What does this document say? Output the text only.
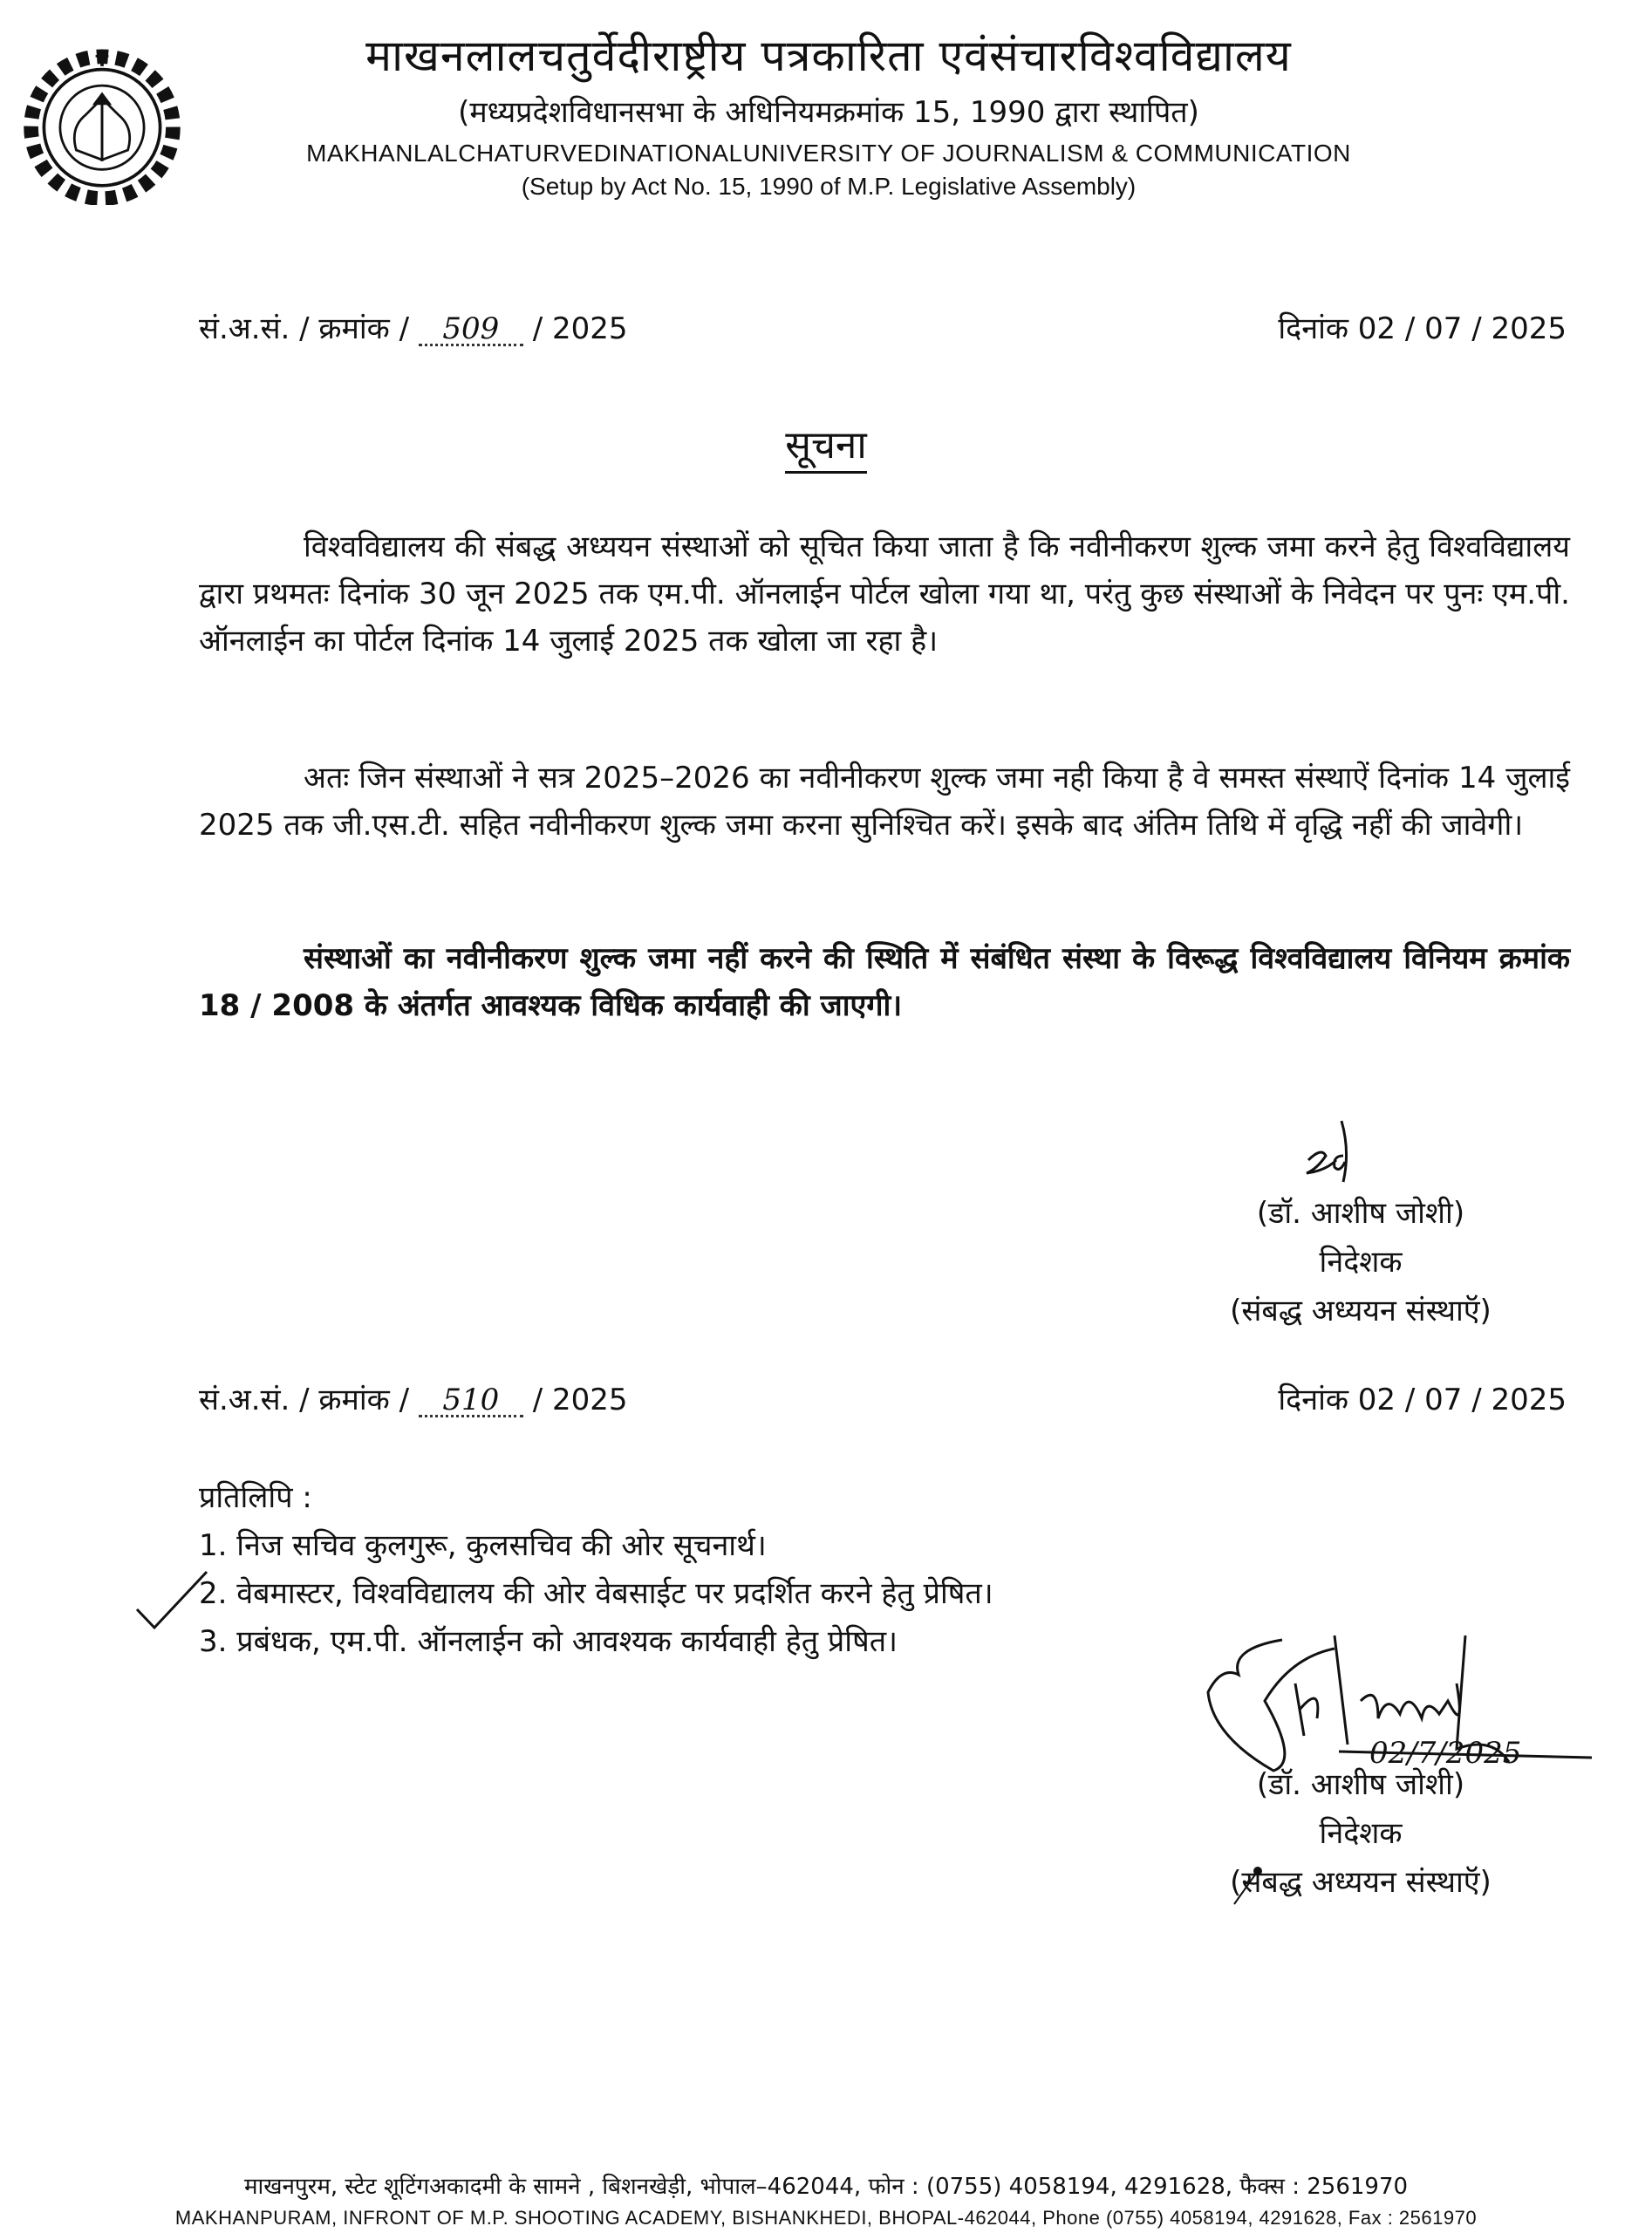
माखनलालचतुर्वेदीराष्ट्रीय पत्रकारिता एवंसंचारविश्वविद्यालय
(मध्यप्रदेशविधानसभा के अधिनियमक्रमांक 15, 1990 द्वारा स्थापित)
MAKHANLALCHATURVEDINATIONALUNIVERSITY OF JOURNALISM & COMMUNICATION
(Setup by Act No. 15, 1990 of M.P. Legislative Assembly)
सं.अ.सं. / क्रमांक / 509 / 2025	दिनांक 02 / 07 / 2025
सूचना
विश्वविद्यालय की संबद्ध अध्ययन संस्थाओं को सूचित किया जाता है कि नवीनीकरण शुल्क जमा करने हेतु विश्वविद्यालय द्वारा प्रथमतः दिनांक 30 जून 2025 तक एम.पी. ऑनलाईन पोर्टल खोला गया था, परंतु कुछ संस्थाओं के निवेदन पर पुनः एम.पी. ऑनलाईन का पोर्टल दिनांक 14 जुलाई 2025 तक खोला जा रहा है।
अतः जिन संस्थाओं ने सत्र 2025–2026 का नवीनीकरण शुल्क जमा नही किया है वे समस्त संस्थाऐं दिनांक 14 जुलाई 2025 तक जी.एस.टी. सहित नवीनीकरण शुल्क जमा करना सुनिश्चित करें। इसके बाद अंतिम तिथि में वृद्धि नहीं की जावेगी।
संस्थाओं का नवीनीकरण शुल्क जमा नहीं करने की स्थिति में संबंधित संस्था के विरूद्ध विश्वविद्यालय विनियम क्रमांक 18 / 2008 के अंतर्गत आवश्यक विधिक कार्यवाही की जाएगी।
(डॉ. आशीष जोशी)
निदेशक
(संबद्ध अध्ययन संस्थाऍ)
सं.अ.सं. / क्रमांक / 510 / 2025	दिनांक 02 / 07 / 2025
प्रतिलिपि :
1. निज सचिव कुलगुरू, कुलसचिव की ओर सूचनार्थ।
2. वेबमास्टर, विश्वविद्यालय की ओर वेबसाईट पर प्रदर्शित करने हेतु प्रेषित।
3. प्रबंधक, एम.पी. ऑनलाईन को आवश्यक कार्यवाही हेतु प्रेषित।
02/7/2025
(डॉ. आशीष जोशी)
निदेशक
(संबद्ध अध्ययन संस्थाऍ)
माखनपुरम, स्टेट शूटिंगअकादमी के सामने , बिशनखेड़ी, भोपाल–462044, फोन : (0755) 4058194, 4291628, फैक्स : 2561970
MAKHANPURAM, INFRONT OF M.P. SHOOTING ACADEMY, BISHANKHEDI, BHOPAL-462044, Phone (0755) 4058194, 4291628, Fax : 2561970
